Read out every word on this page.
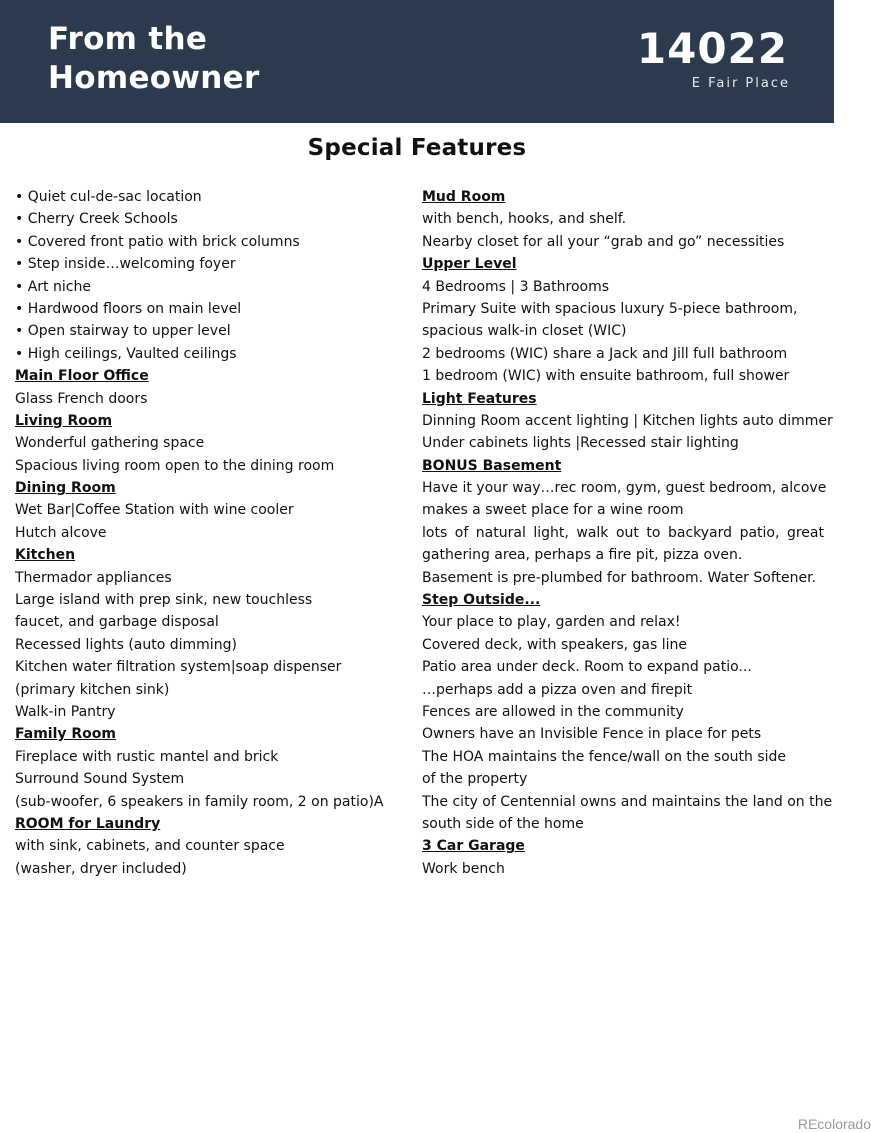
From the
Homeowner
14022
E Fair Place
Special Features
• Quiet cul-de-sac location
• Cherry Creek Schools
• Covered front patio with brick columns
• Step inside…welcoming foyer
• Art niche
• Hardwood floors on main level
• Open stairway to upper level
• High ceilings, Vaulted ceilings
Main Floor Office
Glass French doors
Living Room
Wonderful gathering space
Spacious living room open to the dining room
Dining Room
Wet Bar|Coffee Station with wine cooler
Hutch alcove
Kitchen
Thermador appliances
Large island with prep sink, new touchless
faucet, and garbage disposal
Recessed lights (auto dimming)
Kitchen water filtration system|soap dispenser
(primary kitchen sink)
Walk-in Pantry
Family Room
Fireplace with rustic mantel and brick
Surround Sound System
(sub-woofer, 6 speakers in family room, 2 on patio)A
ROOM for Laundry
with sink, cabinets, and counter space
(washer, dryer included)
Mud Room
with bench, hooks, and shelf.
Nearby closet for all your “grab and go” necessities
Upper Level
4 Bedrooms | 3 Bathrooms
Primary Suite with spacious luxury 5-piece bathroom,
spacious walk-in closet (WIC)
2 bedrooms (WIC) share a Jack and Jill full bathroom
1 bedroom (WIC) with ensuite bathroom, full shower
Light Features
Dinning Room accent lighting | Kitchen lights auto dimmer
Under cabinets lights |Recessed stair lighting
BONUS Basement
Have it your way…rec room, gym, guest bedroom, alcove
makes a sweet place for a wine room
lots of natural light, walk out to backyard patio, great
gathering area, perhaps a fire pit, pizza oven.
Basement is pre-plumbed for bathroom. Water Softener.
Step Outside...
Your place to play, garden and relax!
Covered deck, with speakers, gas line
Patio area under deck. Room to expand patio...
…perhaps add a pizza oven and firepit
Fences are allowed in the community
Owners have an Invisible Fence in place for pets
The HOA maintains the fence/wall on the south side
of the property
The city of Centennial owns and maintains the land on the
south side of the home
3 Car Garage
Work bench
REcolorado
